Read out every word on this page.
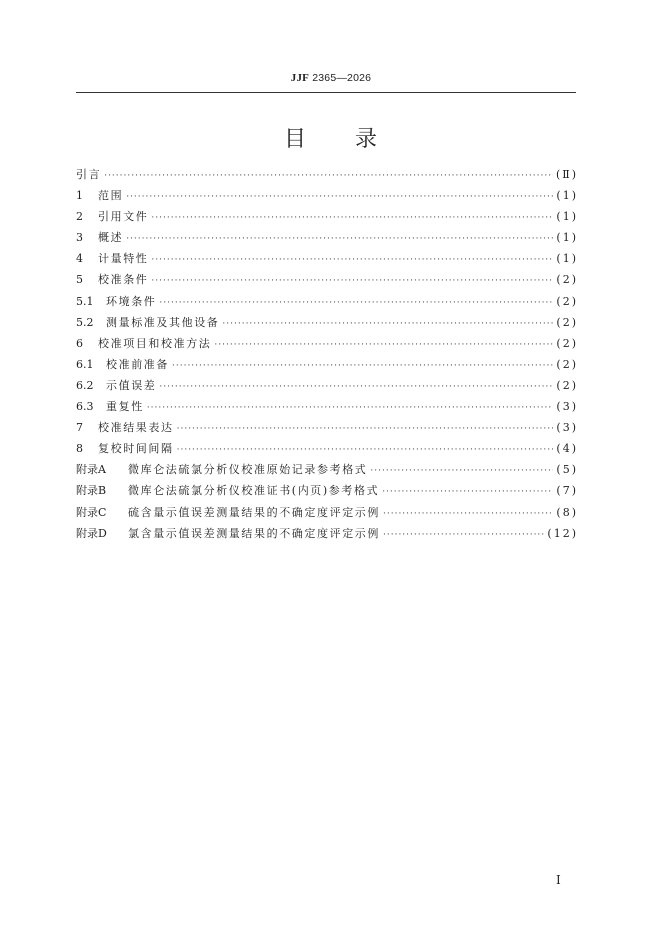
JJF 2365—2026
目 录
引言 ·····	(Ⅱ)
1	范围 ·····	(1)
2	引用文件 ·····	(1)
3	概述 ·····	(1)
4	计量特性 ·····	(1)
5	校准条件 ·····	(2)
5.1	环境条件 ·····	(2)
5.2	测量标准及其他设备 ·····	(2)
6	校准项目和校准方法 ·····	(2)
6.1	校准前准备 ·····	(2)
6.2	示值误差 ·····	(2)
6.3	重复性 ·····	(3)
7	校准结果表达 ·····	(3)
8	复校时间间隔 ·····	(4)
附录A	微库仑法硫氯分析仪校准原始记录参考格式 ·····	(5)
附录B	微库仑法硫氯分析仪校准证书(内页)参考格式 ·····	(7)
附录C	硫含量示值误差测量结果的不确定度评定示例 ·····	(8)
附录D	氯含量示值误差测量结果的不确定度评定示例 ·····	(12)
I
